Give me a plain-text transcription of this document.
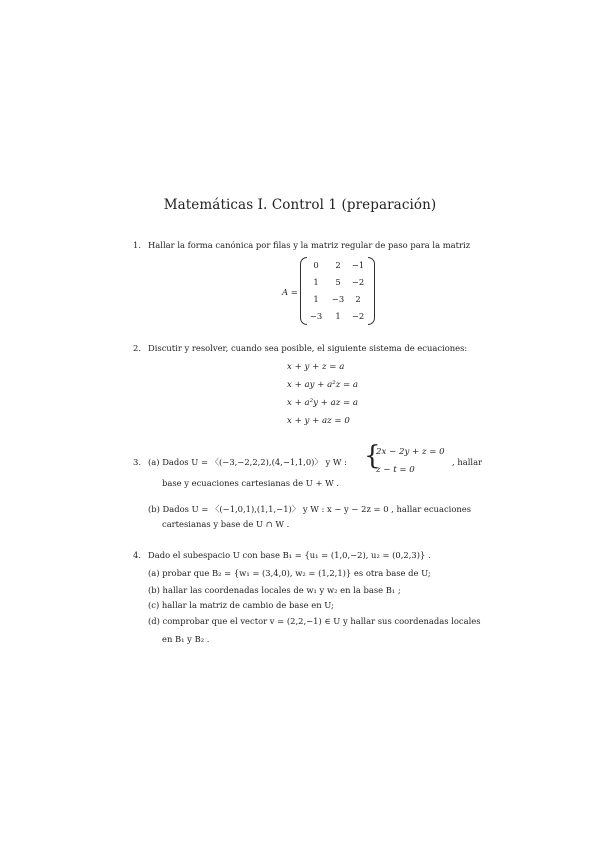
Matemáticas I. Control 1 (preparación)
1. Hallar la forma canónica por filas y la matriz regular de paso para la matriz
A =
0	2	−1
1	5	−2
1	−3	2
−3	1	−2
2. Discutir y resolver, cuando sea posible, el siguiente sistema de ecuaciones:
x + y + z = a
x + ay + a²z = a
x + a²y + az = a
x + y + az = 0
3. (a) Dados U = 〈(−3,−2,2,2),(4,−1,1,0)〉 y W : {
2x − 2y + z = 0
z − t = 0
, hallar
base y ecuaciones cartesianas de U + W .
(b) Dados U = 〈(−1,0,1),(1,1,−1)〉 y W : x − y − 2z = 0 , hallar ecuaciones
cartesianas y base de U ∩ W .
4. Dado el subespacio U con base B₁ = {u₁ = (1,0,−2), u₂ = (0,2,3)} .
(a) probar que B₂ = {w₁ = (3,4,0), w₂ = (1,2,1)} es otra base de U;
(b) hallar las coordenadas locales de w₁ y w₂ en la base B₁ ;
(c) hallar la matriz de cambio de base en U;
(d) comprobar que el vector v = (2,2,−1) ∈ U y hallar sus coordenadas locales
en B₁ y B₂ .
